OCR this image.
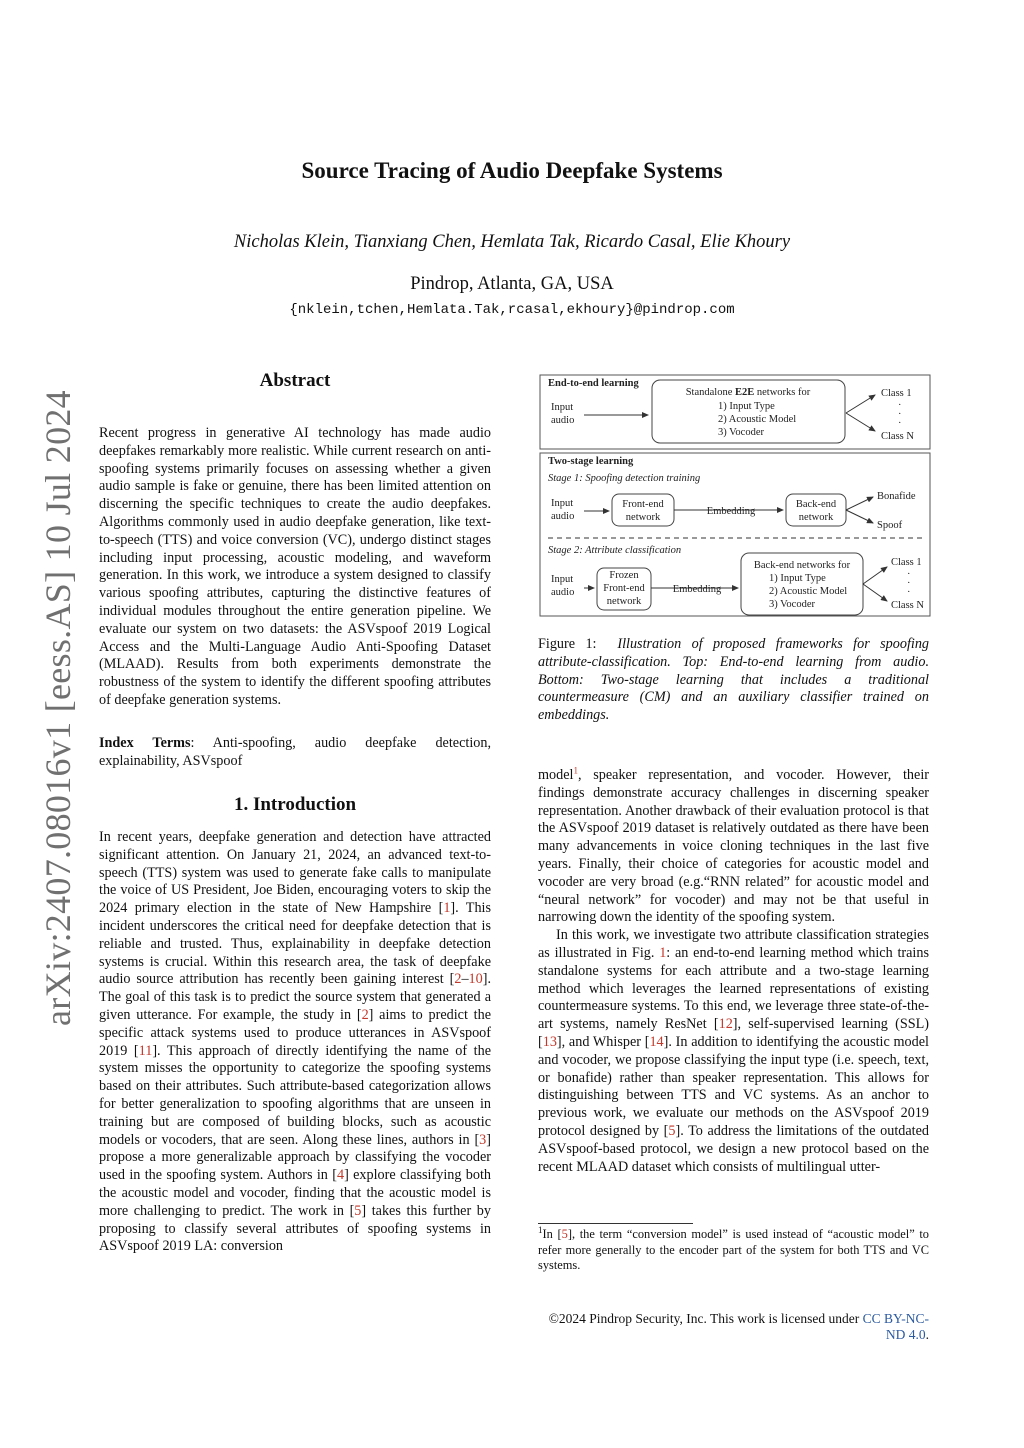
Source Tracing of Audio Deepfake Systems
Nicholas Klein, Tianxiang Chen, Hemlata Tak, Ricardo Casal, Elie Khoury
Pindrop, Atlanta, GA, USA
{nklein,tchen,Hemlata.Tak,rcasal,ekhoury}@pindrop.com
arXiv:2407.08016v1 [eess.AS] 10 Jul 2024
Abstract

Recent progress in generative AI technology has made audio deepfakes remarkably more realistic. While current research on anti-spoofing systems primarily focuses on assessing whether a given audio sample is fake or genuine, there has been limited attention on discerning the specific techniques to create the audio deepfakes. Algorithms commonly used in audio deepfake generation, like text-to-speech (TTS) and voice conversion (VC), undergo distinct stages including input processing, acoustic modeling, and waveform generation. In this work, we introduce a system designed to classify various spoofing attributes, capturing the distinctive features of individual modules throughout the entire generation pipeline. We evaluate our system on two datasets: the ASVspoof 2019 Logical Access and the Multi-Language Audio Anti-Spoofing Dataset (MLAAD). Results from both experiments demonstrate the robustness of the system to identify the different spoofing attributes of deepfake generation systems.

Index Terms: Anti-spoofing, audio deepfake detection, explainability, ASVspoof

1. Introduction

In recent years, deepfake generation and detection have attracted significant attention. On January 21, 2024, an advanced text-to-speech (TTS) system was used to generate fake calls to manipulate the voice of US President, Joe Biden, encouraging voters to skip the 2024 primary election in the state of New Hampshire [1]. This incident underscores the critical need for deepfake detection that is reliable and trusted. Thus, explainability in deepfake detection systems is crucial. Within this research area, the task of deepfake audio source attribution has recently been gaining interest [2–10]. The goal of this task is to predict the source system that generated a given utterance. For example, the study in [2] aims to predict the specific attack systems used to produce utterances in ASVspoof 2019 [11]. This approach of directly identifying the name of the system misses the opportunity to categorize the spoofing systems based on their attributes. Such attribute-based categorization allows for better generalization to spoofing algorithms that are unseen in training but are composed of building blocks, such as acoustic models or vocoders, that are seen. Along these lines, authors in [3] propose a more generalizable approach by classifying the vocoder used in the spoofing system. Authors in [4] explore classifying both the acoustic model and vocoder, finding that the acoustic model is more challenging to predict. The work in [5] takes this further by proposing to classify several attributes of spoofing systems in ASVspoof 2019 LA: conversion

End-to-end learning
Input
audio
Standalone E2E networks for
1) Input Type
2) Acoustic Model
3) Vocoder
Class 1
·
·
·
Class N
Two-stage learning
Stage 1: Spoofing detection training
Input
audio
Front-end
network
Embedding
Back-end
network
Bonafide
Spoof
Stage 2: Attribute classification
Input
audio
Frozen
Front-end
network
Embedding
Back-end networks for
1) Input Type
2) Acoustic Model
3) Vocoder
Class 1
·
·
·
Class N
Figure 1: Illustration of proposed frameworks for spoofing attribute-classification. Top: End-to-end learning from audio. Bottom: Two-stage learning that includes a traditional countermeasure (CM) and an auxiliary classifier trained on embeddings.

model$^1$, speaker representation, and vocoder. However, their findings demonstrate accuracy challenges in discerning speaker representation. Another drawback of their evaluation protocol is that the ASVspoof 2019 dataset is relatively outdated as there have been many advancements in voice cloning techniques in the last five years. Finally, their choice of categories for acoustic model and vocoder are very broad (e.g.“RNN related” for acoustic model and “neural network” for vocoder) and may not be that useful in narrowing down the identity of the spoofing system.

In this work, we investigate two attribute classification strategies as illustrated in Fig. 1: an end-to-end learning method which trains standalone systems for each attribute and a two-stage learning method which leverages the learned representations of existing countermeasure systems. To this end, we leverage three state-of-the-art systems, namely ResNet [12], self-supervised learning (SSL) [13], and Whisper [14]. In addition to identifying the acoustic model and vocoder, we propose classifying the input type (i.e. speech, text, or bonafide) rather than speaker representation. This allows for distinguishing between TTS and VC systems. As an anchor to previous work, we evaluate our methods on the ASVspoof 2019 protocol designed by [5]. To address the limitations of the outdated ASVspoof-based protocol, we design a new protocol based on the recent MLAAD dataset which consists of multilingual utter-

$^1$In [5], the term “conversion model” is used instead of “acoustic model” to refer more generally to the encoder part of the system for both TTS and VC systems.
©2024 Pindrop Security, Inc. This work is licensed under CC BY-NC-ND 4.0.
